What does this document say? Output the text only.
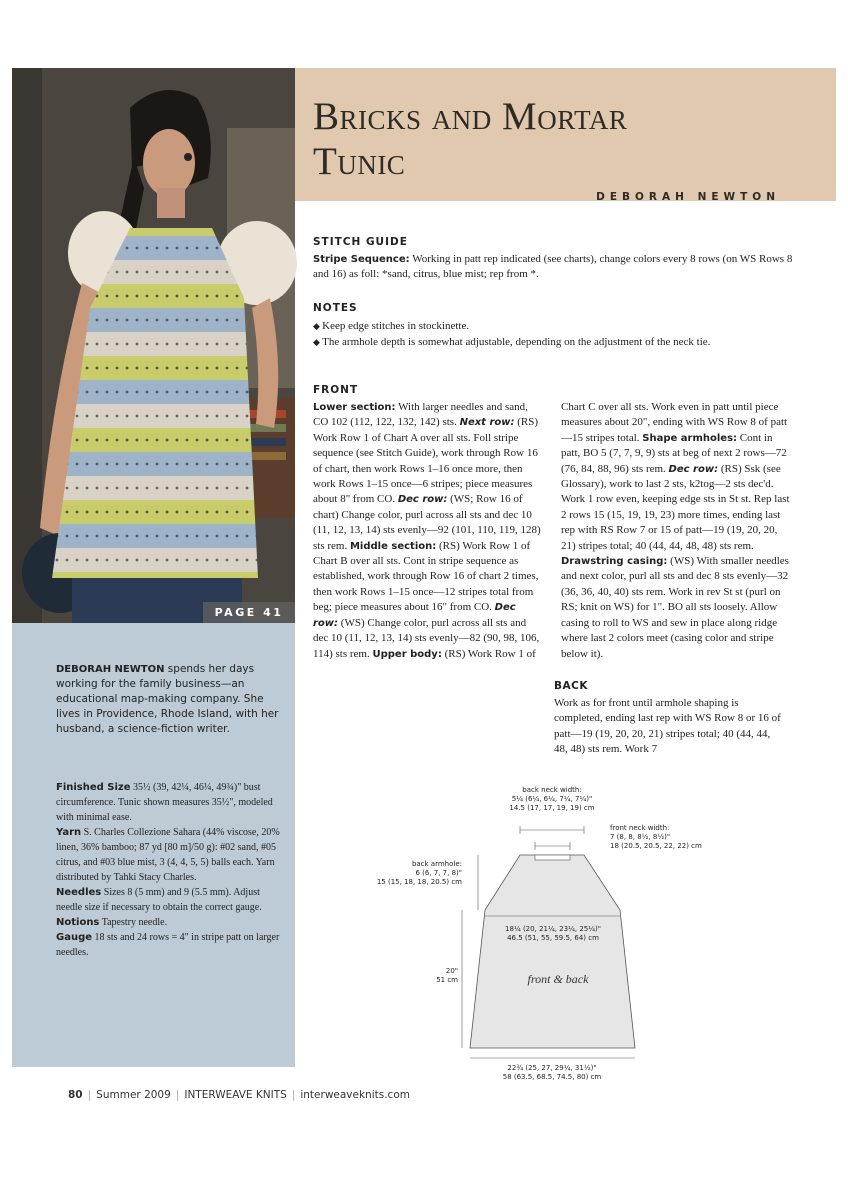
PAGE 41
Bricks and Mortar
Tunic
DEBORAH NEWTON

DEBORAH NEWTON spends her days working for the family business—an educational map-making company. She lives in Providence, Rhode Island, with her husband, a science-fiction writer.

Finished Size 35½ (39, 42¼, 46¼, 49¾)" bust circumference. Tunic shown measures 35½", modeled with minimal ease.
Yarn S. Charles Collezione Sahara (44% viscose, 20% linen, 36% bamboo; 87 yd [80 m]/50 g): #02 sand, #05 citrus, and #03 blue mist, 3 (4, 4, 5, 5) balls each. Yarn distributed by Tahki Stacy Charles.
Needles Sizes 8 (5 mm) and 9 (5.5 mm). Adjust needle size if necessary to obtain the correct gauge.
Notions Tapestry needle.
Gauge 18 sts and 24 rows = 4" in stripe patt on larger needles.

STITCH GUIDE

Stripe Sequence: Working in patt rep indicated (see charts), change colors every 8 rows (on WS Rows 8 and 16) as foll: *sand, citrus, blue mist; rep from *.

NOTES
◆ Keep edge stitches in stockinette.
◆ The armhole depth is somewhat adjustable, depending on the adjustment of the neck tie.
FRONT
Lower section: With larger needles and sand, CO 102 (112, 122, 132, 142) sts. Next row: (RS) Work Row 1 of Chart A over all sts. Foll stripe sequence (see Stitch Guide), work through Row 16 of chart, then work Rows 1–16 once more, then work Rows 1–15 once—6 stripes; piece measures about 8" from CO. Dec row: (WS; Row 16 of chart) Change color, purl across all sts and dec 10 (11, 12, 13, 14) sts evenly—92 (101, 110, 119, 128) sts rem. Middle section: (RS) Work Row 1 of Chart B over all sts. Cont in stripe sequence as established, work through Row 16 of chart 2 times, then work Rows 1–15 once—12 stripes total from beg; piece measures about 16" from CO. Dec row: (WS) Change color, purl across all sts and dec 10 (11, 12, 13, 14) sts evenly—82 (90, 98, 106, 114) sts rem. Upper body: (RS) Work Row 1 of Chart C over all sts. Work even in patt until piece measures about 20", ending with WS Row 8 of patt—15 stripes total. Shape armholes: Cont in patt, BO 5 (7, 7, 9, 9) sts at beg of next 2 rows—72 (76, 84, 88, 96) sts rem. Dec row: (RS) Ssk (see Glossary), work to last 2 sts, k2tog—2 sts dec'd. Work 1 row even, keeping edge sts in St st. Rep last 2 rows 15 (15, 19, 19, 23) more times, ending last rep with RS Row 7 or 15 of patt—19 (19, 20, 20, 21) stripes total; 40 (44, 44, 48, 48) sts rem. Drawstring casing: (WS) With smaller needles and next color, purl all sts and dec 8 sts evenly—32 (36, 36, 40, 40) sts rem. Work in rev St st (purl on RS; knit on WS) for 1". BO all sts loosely. Allow casing to roll to WS and sew in place along ridge where last 2 colors meet (casing color and stripe below it).
BACK

Work as for front until armhole shaping is completed, ending last rep with WS Row 8 or 16 of patt—19 (19, 20, 20, 21) stripes total; 40 (44, 44, 48, 48) sts rem. Work 7

back neck width:
5¼ (6¼, 6¼, 7¼, 7¼)"
14.5 (17, 17, 19, 19) cm
front neck width:
7 (8, 8, 8½, 8½)"
18 (20.5, 20.5, 22, 22) cm
back armhole:
6 (6, 7, 7, 8)"
15 (15, 18, 18, 20.5) cm
18¼ (20, 21¼, 23¼, 25¼)"
46.5 (51, 55, 59.5, 64) cm
20"
51 cm	front & back
22¾ (25, 27, 29¼, 31½)"
58 (63.5, 68.5, 74.5, 80) cm
80 | Summer 2009 | INTERWEAVE KNITS | interweaveknits.com
